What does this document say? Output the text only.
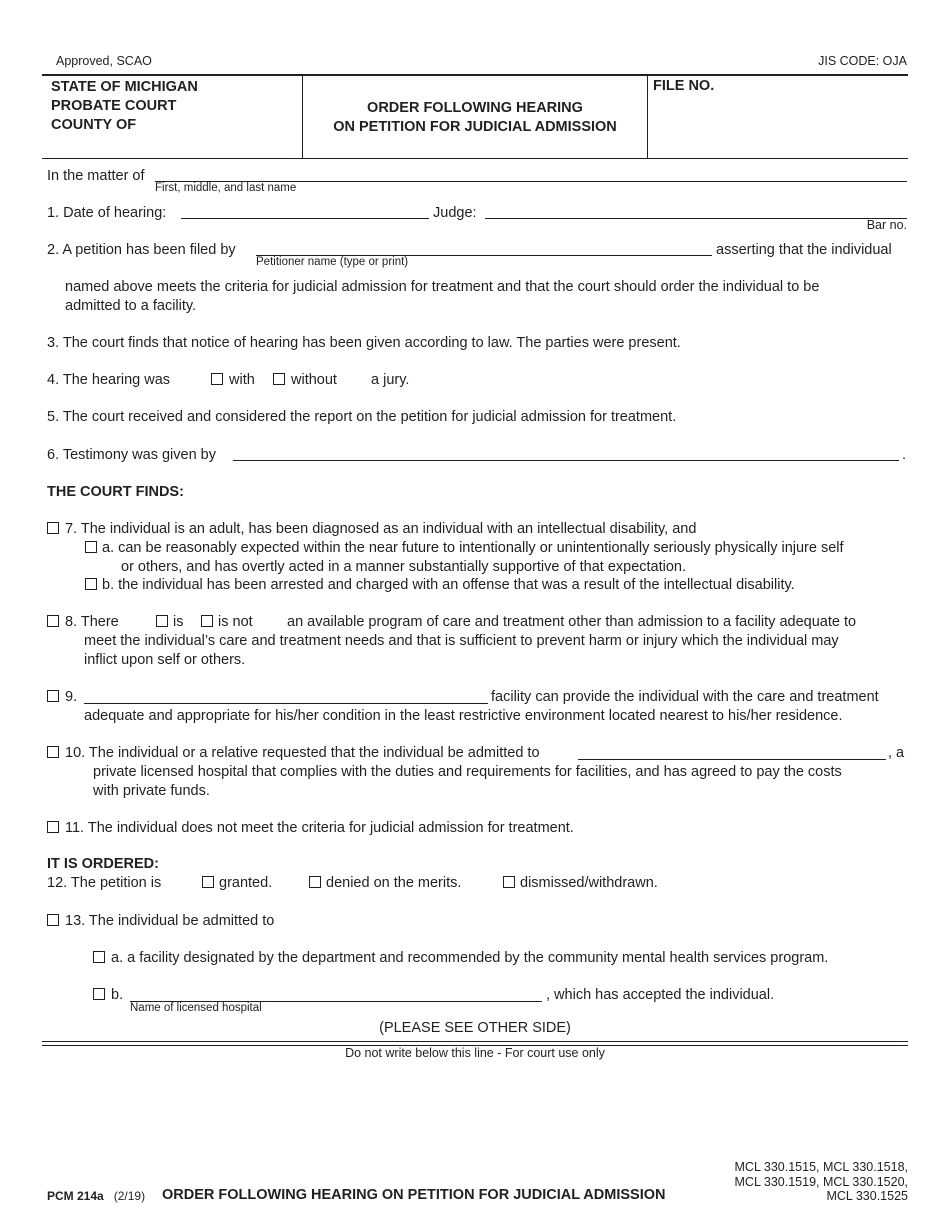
Approved, SCAO	JIS CODE: OJA
STATE OF MICHIGAN
PROBATE COURT
COUNTY OF
ORDER FOLLOWING HEARING
ON PETITION FOR JUDICIAL ADMISSION
FILE NO.
In the matter of
First, middle, and last name
1. Date of hearing:	Judge:
Bar no.
2. A petition has been filed by
Petitioner name (type or print)
asserting that the individual
named above meets the criteria for judicial admission for treatment and that the court should order the individual to be
admitted to a facility.
3. The court finds that notice of hearing has been given according to law. The parties were present.
4. The hearing was	with without a jury.
5. The court received and considered the report on the petition for judicial admission for treatment.
6. Testimony was given by	.
THE COURT FINDS:
7. The individual is an adult, has been diagnosed as an individual with an intellectual disability, and
a. can be reasonably expected within the near future to intentionally or unintentionally seriously physically injure self
or others, and has overtly acted in a manner substantially supportive of that expectation.
b. the individual has been arrested and charged with an offense that was a result of the intellectual disability.
8. There	is is not an available program of care and treatment other than admission to a facility adequate to
meet the individual’s care and treatment needs and that is sufficient to prevent harm or injury which the individual may
inflict upon self or others.
9.	facility can provide the individual with the care and treatment
adequate and appropriate for his/her condition in the least restrictive environment located nearest to his/her residence.
10. The individual or a relative requested that the individual be admitted to	, a
private licensed hospital that complies with the duties and requirements for facilities, and has agreed to pay the costs
with private funds.
11. The individual does not meet the criteria for judicial admission for treatment.
IT IS ORDERED:
12. The petition is	granted.	denied on the merits.	dismissed/withdrawn.
13. The individual be admitted to
a. a facility designated by the department and recommended by the community mental health services program.
b.
Name of licensed hospital
, which has accepted the individual.
(PLEASE SEE OTHER SIDE)
Do not write below this line - For court use only
PCM 214a (2/19) ORDER FOLLOWING HEARING ON PETITION FOR JUDICIAL ADMISSION
MCL 330.1515, MCL 330.1518,
MCL 330.1519, MCL 330.1520,
MCL 330.1525
